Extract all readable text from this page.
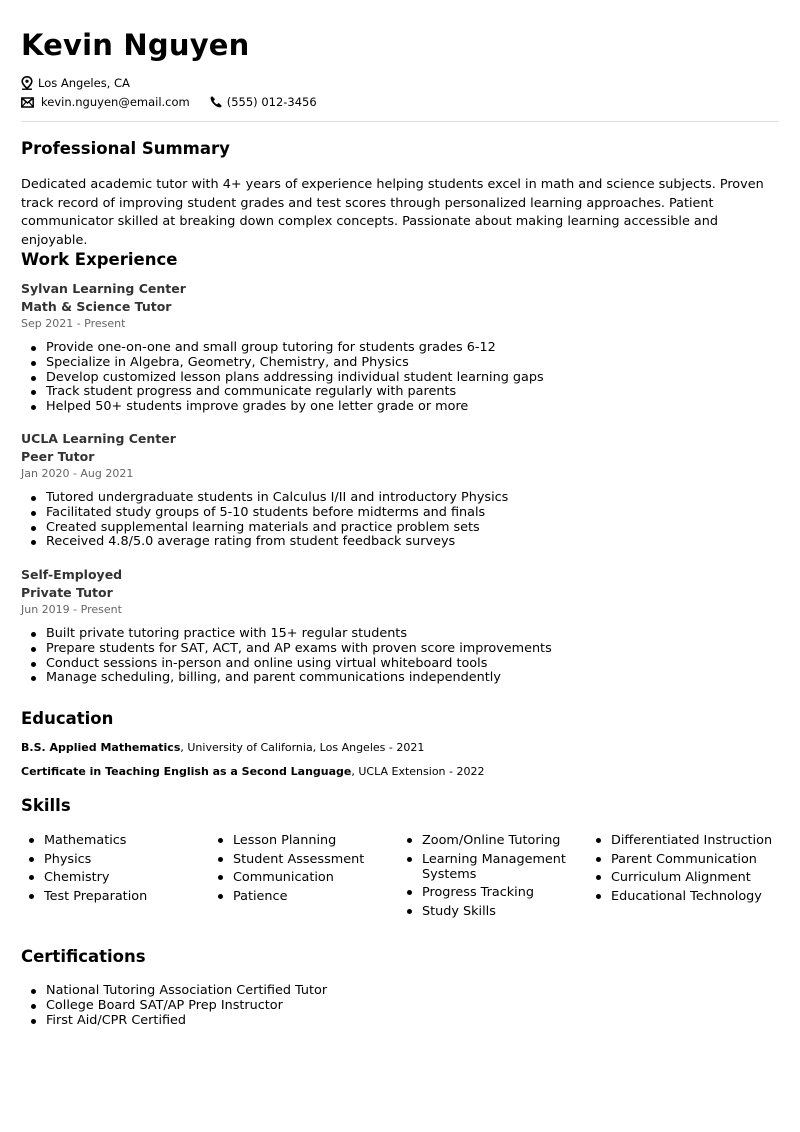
Kevin Nguyen
Los Angeles, CA
kevin.nguyen@email.com	(555) 012-3456
Professional Summary
Dedicated academic tutor with 4+ years of experience helping students excel in math and science subjects. Proven track record of improving student grades and test scores through personalized learning approaches. Patient communicator skilled at breaking down complex concepts. Passionate about making learning accessible and enjoyable.
Work Experience
Sylvan Learning Center
Math & Science Tutor
Sep 2021 - Present
Provide one-on-one and small group tutoring for students grades 6-12
Specialize in Algebra, Geometry, Chemistry, and Physics
Develop customized lesson plans addressing individual student learning gaps
Track student progress and communicate regularly with parents
Helped 50+ students improve grades by one letter grade or more
UCLA Learning Center
Peer Tutor
Jan 2020 - Aug 2021
Tutored undergraduate students in Calculus I/II and introductory Physics
Facilitated study groups of 5-10 students before midterms and finals
Created supplemental learning materials and practice problem sets
Received 4.8/5.0 average rating from student feedback surveys
Self-Employed
Private Tutor
Jun 2019 - Present
Built private tutoring practice with 15+ regular students
Prepare students for SAT, ACT, and AP exams with proven score improvements
Conduct sessions in-person and online using virtual whiteboard tools
Manage scheduling, billing, and parent communications independently
Education
B.S. Applied Mathematics, University of California, Los Angeles - 2021
Certificate in Teaching English as a Second Language, UCLA Extension - 2022
Skills
Mathematics
Physics
Chemistry
Test Preparation
Lesson Planning
Student Assessment
Communication
Patience
Zoom/Online Tutoring
Learning Management Systems
Progress Tracking
Study Skills
Differentiated Instruction
Parent Communication
Curriculum Alignment
Educational Technology
Certifications
National Tutoring Association Certified Tutor
College Board SAT/AP Prep Instructor
First Aid/CPR Certified
